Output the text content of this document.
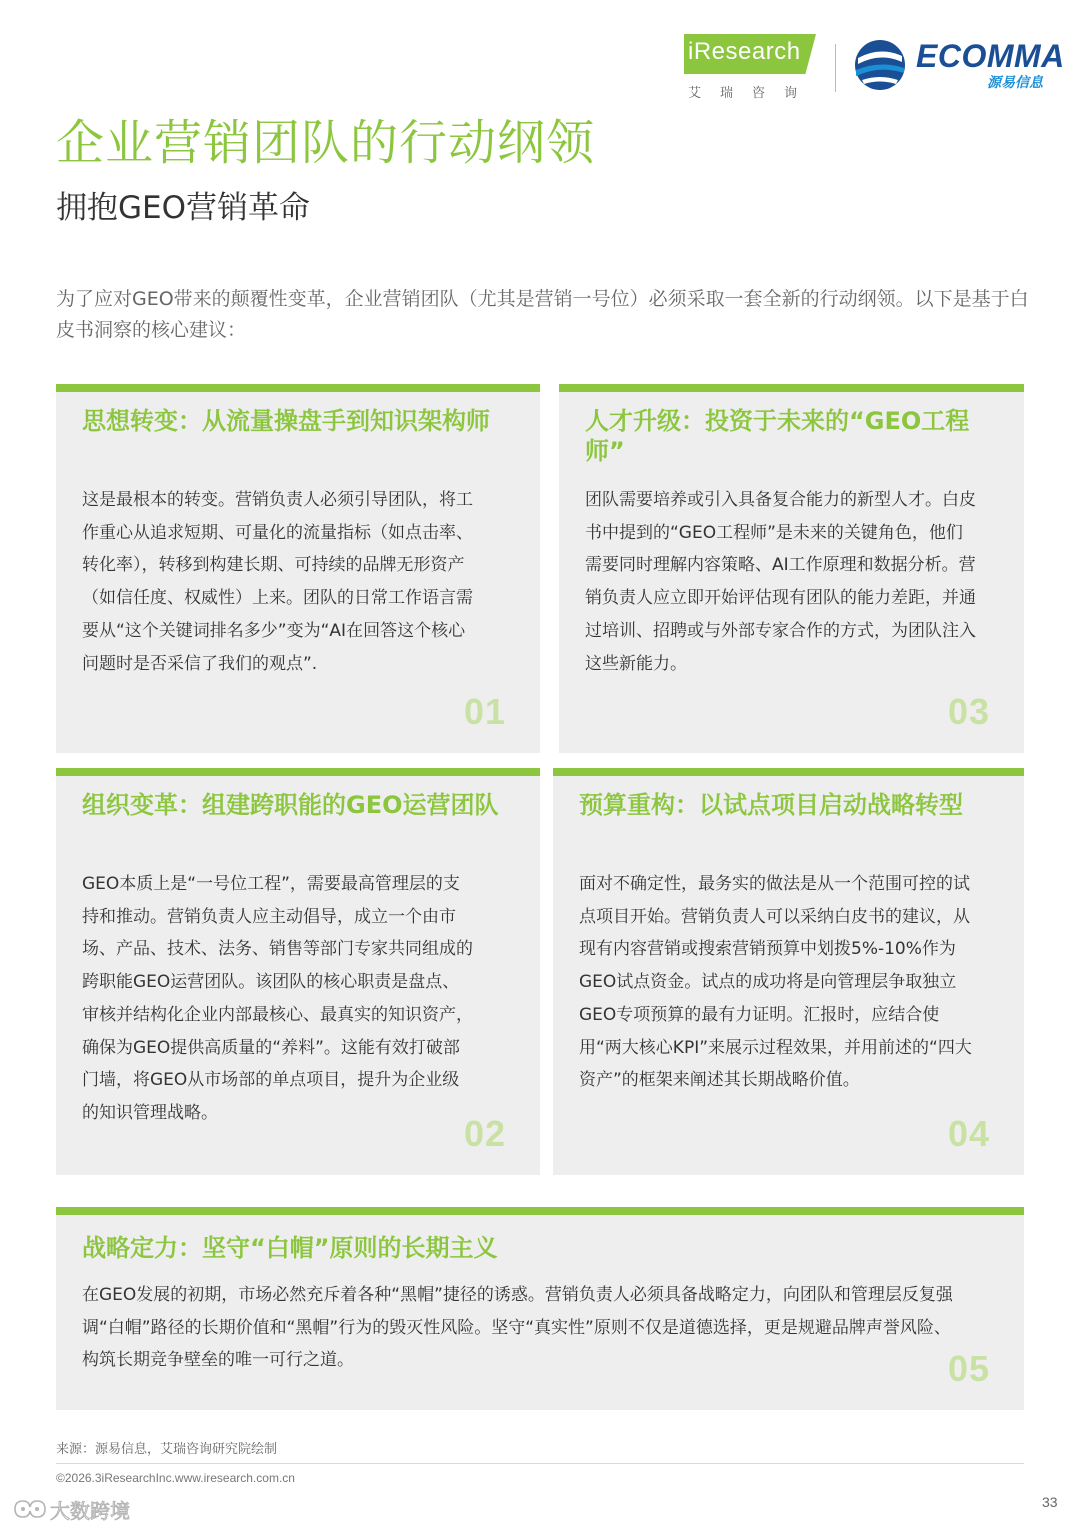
iResearch
艾瑞咨询
ECOMMA
源易信息
企业营销团队的行动纲领
拥抱GEO营销革命
为了应对GEO带来的颠覆性变革，企业营销团队（尤其是营销一号位）必须采取一套全新的行动纲领。以下是基于白皮书洞察的核心建议：
思想转变：从流量操盘手到知识架构师
这是最根本的转变。营销负责人必须引导团队，将工作重心从追求短期、可量化的流量指标（如点击率、转化率），转移到构建长期、可持续的品牌无形资产（如信任度、权威性）上来。团队的日常工作语言需要从“这个关键词排名多少”变为“AI在回答这个核心问题时是否采信了我们的观点”.
01
人才升级：投资于未来的“GEO工程师”
团队需要培养或引入具备复合能力的新型人才。白皮书中提到的“GEO工程师”是未来的关键角色，他们需要同时理解内容策略、AI工作原理和数据分析。营销负责人应立即开始评估现有团队的能力差距，并通过培训、招聘或与外部专家合作的方式，为团队注入这些新能力。
03
组织变革：组建跨职能的GEO运营团队
GEO本质上是“一号位工程”，需要最高管理层的支持和推动。营销负责人应主动倡导，成立一个由市场、产品、技术、法务、销售等部门专家共同组成的跨职能GEO运营团队。该团队的核心职责是盘点、审核并结构化企业内部最核心、最真实的知识资产，确保为GEO提供高质量的“养料”。这能有效打破部门墙，将GEO从市场部的单点项目，提升为企业级的知识管理战略。
02
预算重构：以试点项目启动战略转型
面对不确定性，最务实的做法是从一个范围可控的试点项目开始。营销负责人可以采纳白皮书的建议，从现有内容营销或搜索营销预算中划拨5%-10%作为GEO试点资金。试点的成功将是向管理层争取独立GEO专项预算的最有力证明。汇报时，应结合使用“两大核心KPI”来展示过程效果，并用前述的“四大资产”的框架来阐述其长期战略价值。
04
战略定力：坚守“白帽”原则的长期主义
在GEO发展的初期，市场必然充斥着各种“黑帽”捷径的诱惑。营销负责人必须具备战略定力，向团队和管理层反复强调“白帽”路径的长期价值和“黑帽”行为的毁灭性风险。坚守“真实性”原则不仅是道德选择，更是规避品牌声誉风险、构筑长期竞争壁垒的唯一可行之道。	05
来源：源易信息，艾瑞咨询研究院绘制
©2026.3iResearchInc.www.iresearch.com.cn
大数跨境	33
